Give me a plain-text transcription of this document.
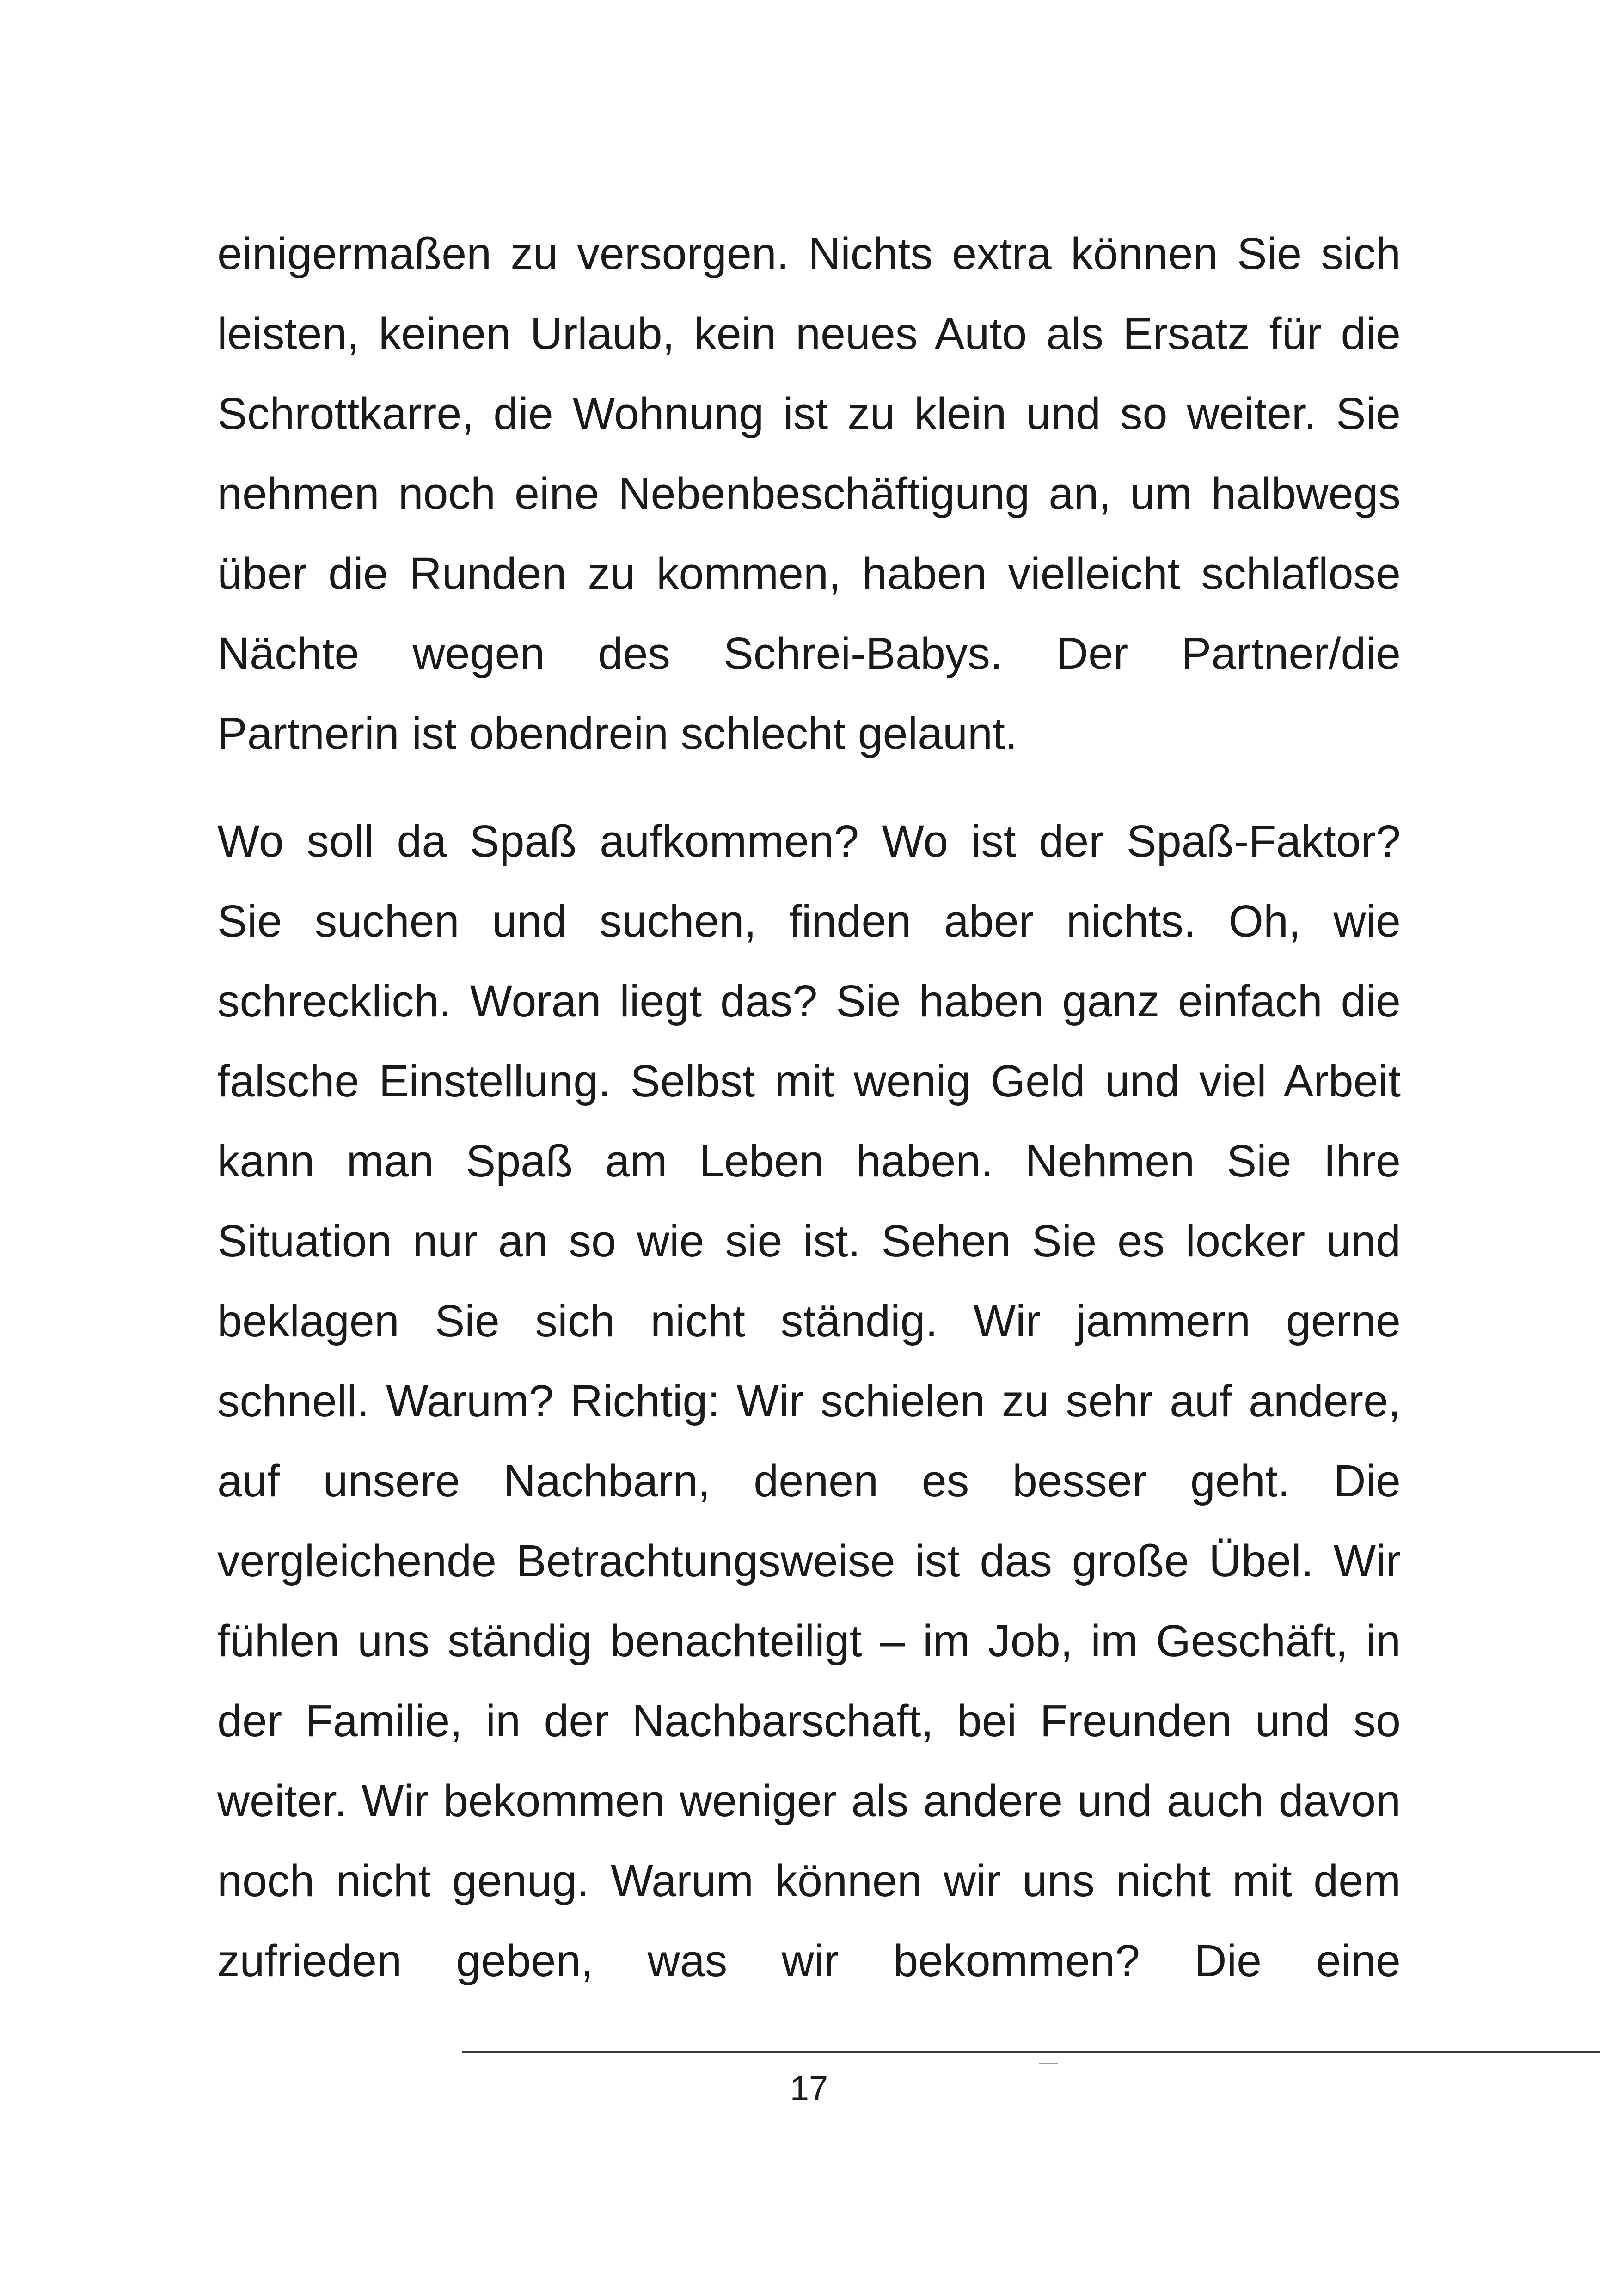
einigermaßen zu versorgen. Nichts extra können Sie sich
leisten, keinen Urlaub, kein neues Auto als Ersatz für die
Schrottkarre, die Wohnung ist zu klein und so weiter. Sie
nehmen noch eine Nebenbeschäftigung an, um halbwegs
über die Runden zu kommen, haben vielleicht schlaflose
Nächte wegen des Schrei-Babys. Der Partner/die
Partnerin ist obendrein schlecht gelaunt.
Wo soll da Spaß aufkommen? Wo ist der Spaß-Faktor?
Sie suchen und suchen, finden aber nichts. Oh, wie
schrecklich. Woran liegt das? Sie haben ganz einfach die
falsche Einstellung. Selbst mit wenig Geld und viel Arbeit
kann man Spaß am Leben haben. Nehmen Sie Ihre
Situation nur an so wie sie ist. Sehen Sie es locker und
beklagen Sie sich nicht ständig. Wir jammern gerne
schnell. Warum? Richtig: Wir schielen zu sehr auf andere,
auf unsere Nachbarn, denen es besser geht. Die
vergleichende Betrachtungsweise ist das große Übel. Wir
fühlen uns ständig benachteiligt – im Job, im Geschäft, in
der Familie, in der Nachbarschaft, bei Freunden und so
weiter. Wir bekommen weniger als andere und auch davon
noch nicht genug. Warum können wir uns nicht mit dem
zufrieden geben, was wir bekommen? Die eine
17
